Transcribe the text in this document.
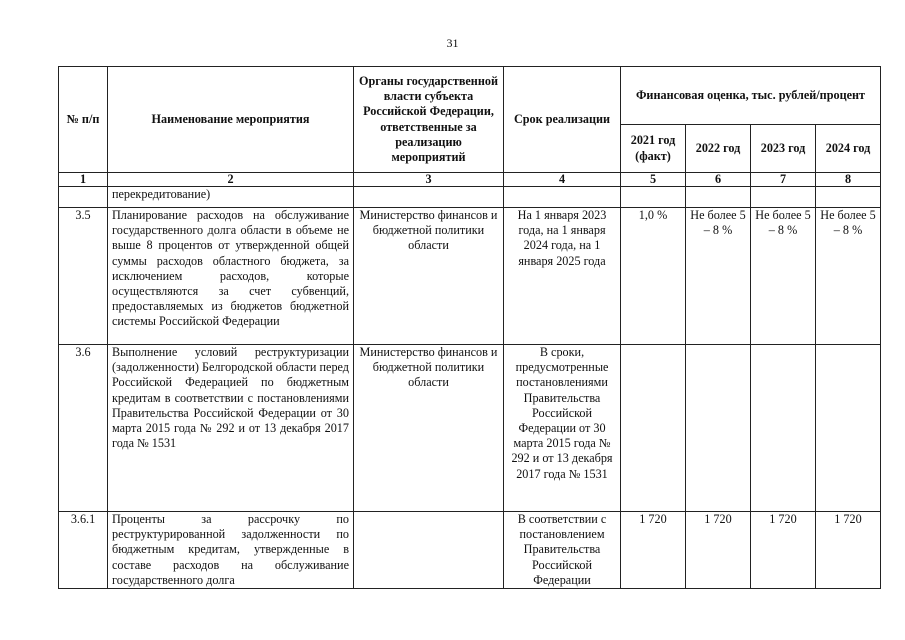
31
№ п/п	Наименование мероприятия	Органы государственной власти субъекта Российской Федерации, ответственные за реализацию мероприятий	Срок реализации	Финансовая оценка, тыс. рублей/процент			
				2021 год (факт)	2022 год	2023 год	2024 год
1	2	3	4	5	6	7	8
	перекредитование)						
3.5	Планирование расходов на обслуживание государственного долга области в объеме не выше 8 процентов от утвержденной общей суммы расходов областного бюджета, за исключением расходов, которые осуществляются за счет субвенций, предоставляемых из бюджетов бюджетной системы Российской Федерации	Министерство финансов и бюджетной политики области	На 1 января 2023 года, на 1 января 2024 года, на 1 января 2025 года	1,0 %	Не более 5 – 8 %	Не более 5 – 8 %	Не более 5 – 8 %
3.6	Выполнение условий реструктуризации (задолженности) Белгородской области перед Российской Федерацией по бюджетным кредитам в соответствии с постановлениями Правительства Российской Федерации от 30 марта 2015 года № 292 и от 13 декабря 2017 года № 1531	Министерство финансов и бюджетной политики области	В сроки, предусмотренные постановлениями Правительства Российской Федерации от 30 марта 2015 года № 292 и от 13 декабря 2017 года № 1531				
3.6.1	Проценты за рассрочку по реструктурированной задолженности по бюджетным кредитам, утвержденные в составе расходов на обслуживание государственного долга		В соответствии с постановлением Правительства Российской Федерации	1 720	1 720	1 720	1 720
